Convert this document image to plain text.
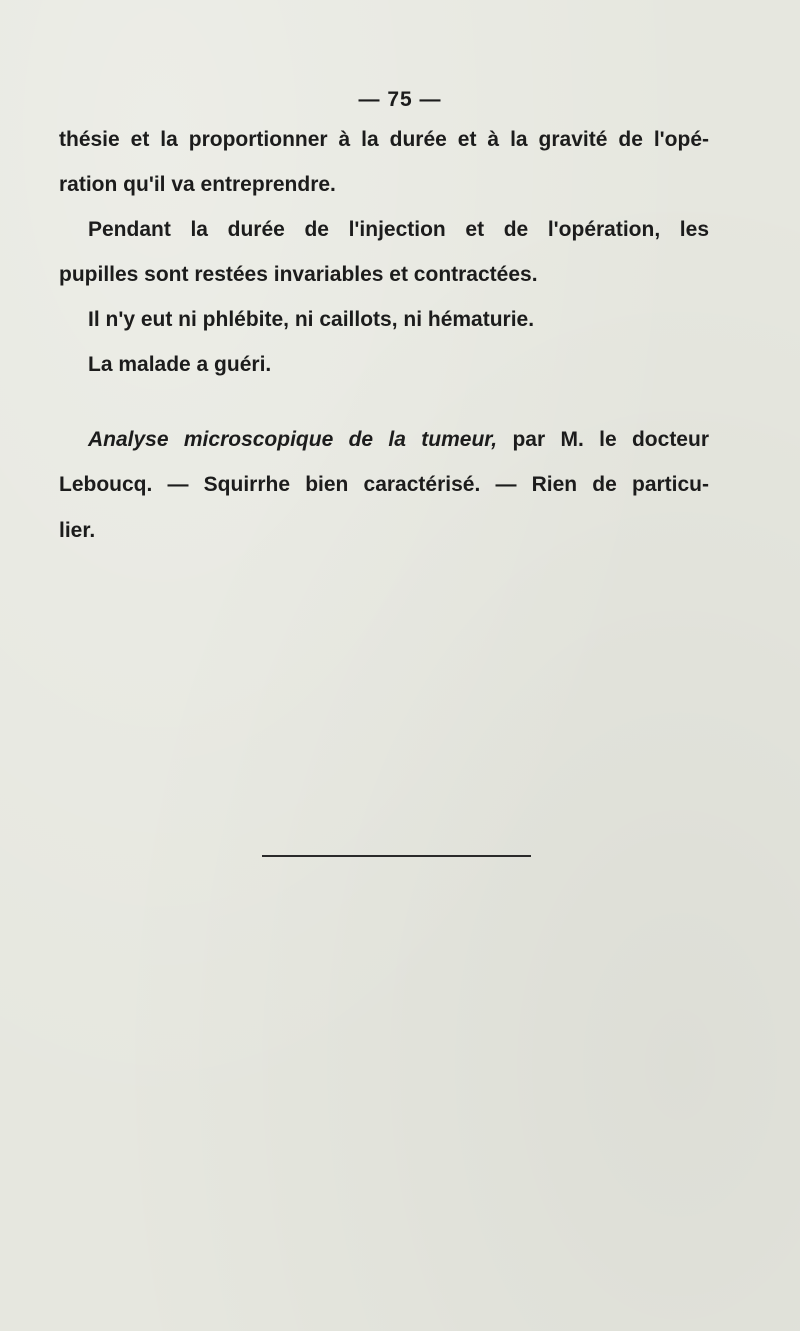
— 75 —
thésie et la proportionner à la durée et à la gravité de l'opé-
ration qu'il va entreprendre.
Pendant la durée de l'injection et de l'opération, les
pupilles sont restées invariables et contractées.
Il n'y eut ni phlébite, ni caillots, ni hématurie.
La malade a guéri.
Analyse microscopique de la tumeur, par M. le docteur
Leboucq. — Squirrhe bien caractérisé. — Rien de particu-
lier.
